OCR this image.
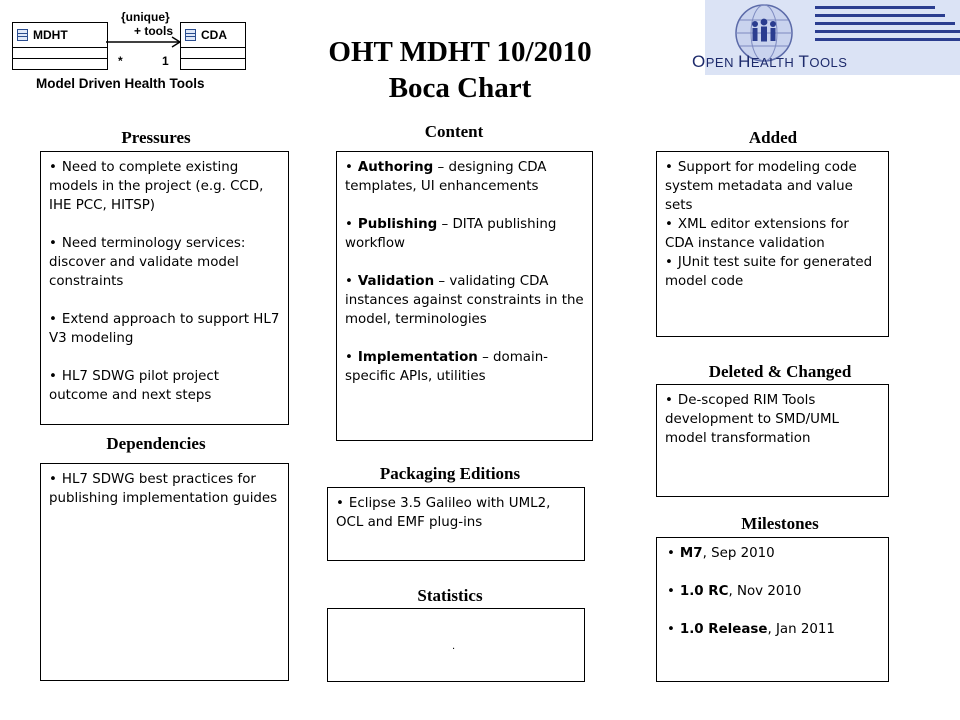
MDHT	CDA
{unique}
+ tools
*	1
Model Driven Health Tools
OHT MDHT 10/2010
Boca Chart
OPEN HEALTH TOOLS
Pressures
• Need to complete existing models in the project (e.g. CCD, IHE PCC, HITSP)
• Need terminology services: discover and validate model constraints
• Extend approach to support HL7 V3 modeling
• HL7 SDWG pilot project outcome and next steps
Dependencies
• HL7 SDWG best practices for publishing implementation guides
Content
• Authoring – designing CDA templates, UI enhancements
• Publishing – DITA publishing workflow
• Validation – validating CDA instances against constraints in the model, terminologies
• Implementation – domain-specific APIs, utilities
Packaging Editions
• Eclipse 3.5 Galileo with UML2, OCL and EMF plug-ins
Statistics
.
Added
• Support for modeling code system metadata and value sets
• XML editor extensions for CDA instance validation
• JUnit test suite for generated model code
Deleted & Changed
• De-scoped RIM Tools development to SMD/UML model transformation
Milestones
• M7, Sep 2010
• 1.0 RC, Nov 2010
• 1.0 Release, Jan 2011
